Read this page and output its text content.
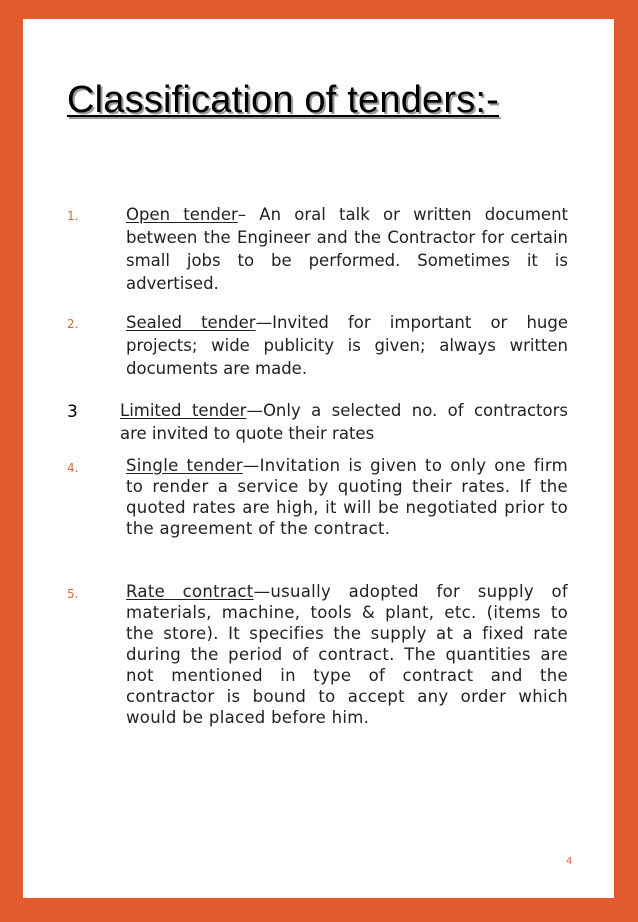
Classification of tenders:-
1.	Open tender– An oral talk or written document between the Engineer and the Contractor for certain small jobs to be performed. Sometimes it is advertised.

2.	Sealed tender—Invited for important or huge projects; wide publicity is given; always written documents are made.

3	Limited tender—Only a selected no. of contractors are invited to quote their rates

4.	Single tender—Invitation is given to only one firm to render a service by quoting their rates. If the quoted rates are high, it will be negotiated prior to the agreement of the contract.

5.	Rate contract—usually adopted for supply of materials, machine, tools & plant, etc. (items to the store). It specifies the supply at a fixed rate during the period of contract. The quantities are not mentioned in type of contract and the contractor is bound to accept any order which would be placed before him.

4
